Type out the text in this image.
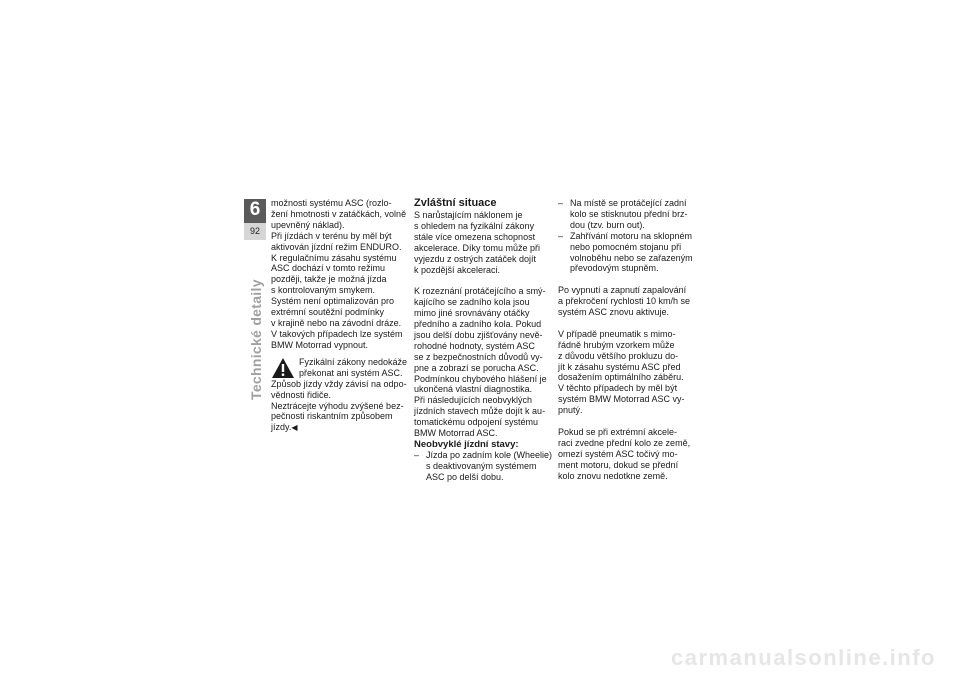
6
92
Technické detaily

možnosti systému ASC (rozlo-

žení hmotnosti v zatáčkách, volně

upevněný náklad).

Při jízdách v terénu by měl být

aktivován jízdní režim ENDURO.

K regulačnímu zásahu systému

ASC dochází v tomto režimu

později, takže je možná jízda

s kontrolovaným smykem.

Systém není optimalizován pro

extrémní soutěžní podmínky

v krajině nebo na závodní dráze.

V takových případech lze systém

BMW Motorrad vypnout.

Fyzikální zákony nedokáže

překonat ani systém ASC.

Způsob jízdy vždy závisí na odpo-

vědnosti řidiče.

Neztrácejte výhodu zvýšené bez-

pečnosti riskantním způsobem

jízdy.◀

Zvláštní situace

S narůstajícím náklonem je

s ohledem na fyzikální zákony

stále více omezena schopnost

akcelerace. Díky tomu může při

vyjezdu z ostrých zatáček dojít

k pozdější akceleraci.

K rozeznání protáčejícího a smý-

kajícího se zadního kola jsou

mimo jiné srovnávány otáčky

předního a zadního kola. Pokud

jsou delší dobu zjišťovány nevě-

rohodné hodnoty, systém ASC

se z bezpečnostních důvodů vy-

pne a zobrazí se porucha ASC.

Podmínkou chybového hlášení je

ukončená vlastní diagnostika.

Při následujících neobvyklých

jízdních stavech může dojít k au-

tomatickému odpojení systému

BMW Motorrad ASC.

Neobvyklé jízdní stavy:

– Jízda po zadním kole (Wheelie)

s deaktivovaným systémem

ASC po delší dobu.

– Na místě se protáčející zadní

kolo se stisknutou přední brz-

dou (tzv. burn out).

– Zahřívání motoru na sklopném

nebo pomocném stojanu při

volnoběhu nebo se zařazeným

převodovým stupněm.

Po vypnutí a zapnutí zapalování

a překročení rychlosti 10 km/h se

systém ASC znovu aktivuje.

V případě pneumatik s mimo-

řádně hrubým vzorkem může

z důvodu většího prokluzu do-

jít k zásahu systému ASC před

dosažením optimálního záběru.

V těchto případech by měl být

systém BMW Motorrad ASC vy-

pnutý.

Pokud se při extrémní akcele-

raci zvedne přední kolo ze země,

omezí systém ASC točivý mo-

ment motoru, dokud se přední

kolo znovu nedotkne země.

carmanualsonline.info
